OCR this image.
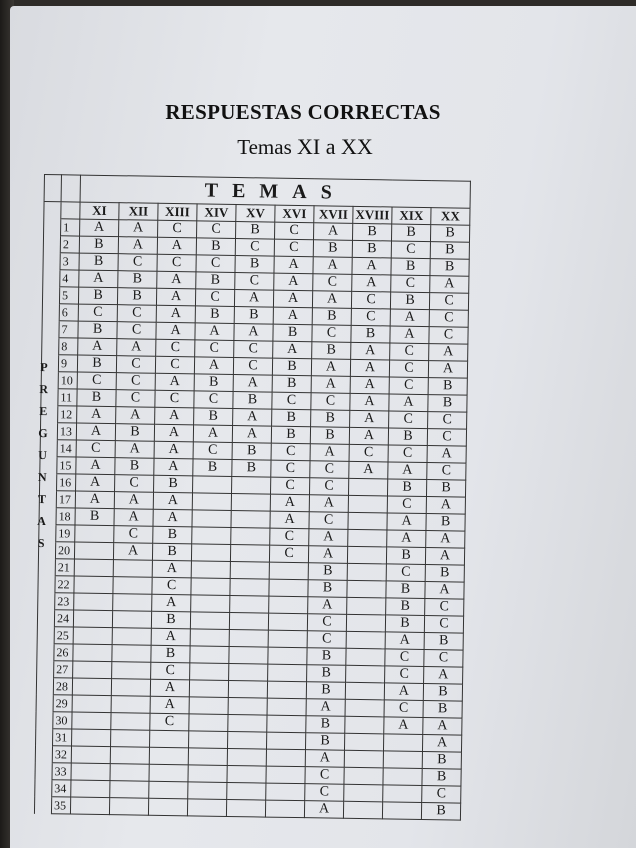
RESPUESTAS CORRECTAS
Temas XI a XX
P
R
E
G
U
N
T
A
S
		TEMAS									
		XI	XII	XIII	XIV	XV	XVI	XVII	XVIII	XIX	XX
	1	A	A	C	C	B	C	A	B	B	B
	2	B	A	A	B	C	C	B	B	C	B
	3	B	C	C	C	B	A	A	A	B	B
	4	A	B	A	B	C	A	C	A	C	A
	5	B	B	A	C	A	A	A	C	B	C
	6	C	C	A	B	B	A	B	C	A	C
	7	B	C	A	A	A	B	C	B	A	C
	8	A	A	C	C	C	A	B	A	C	A
	9	B	C	C	A	C	B	A	A	C	A
	10	C	C	A	B	A	B	A	A	C	B
	11	B	C	C	C	B	C	C	A	A	B
	12	A	A	A	B	A	B	B	A	C	C
	13	A	B	A	A	A	B	B	A	B	C
	14	C	A	A	C	B	C	A	C	C	A
	15	A	B	A	B	B	C	C	A	A	C
	16	A	C	B			C	C		B	B
	17	A	A	A			A	A		C	A
	18	B	A	A			A	C		A	B
	19		C	B			C	A		A	A
	20		A	B			C	A		B	A
	21			A				B		C	B
	22			C				B		B	A
	23			A				A		B	C
	24			B				C		B	C
	25			A				C		A	B
	26			B				B		C	C
	27			C				B		C	A
	28			A				B		A	B
	29			A				A		C	B
	30			C				B		A	A
	31							B			A
	32							A			B
	33							C			B
	34							C			C
	35							A			B
